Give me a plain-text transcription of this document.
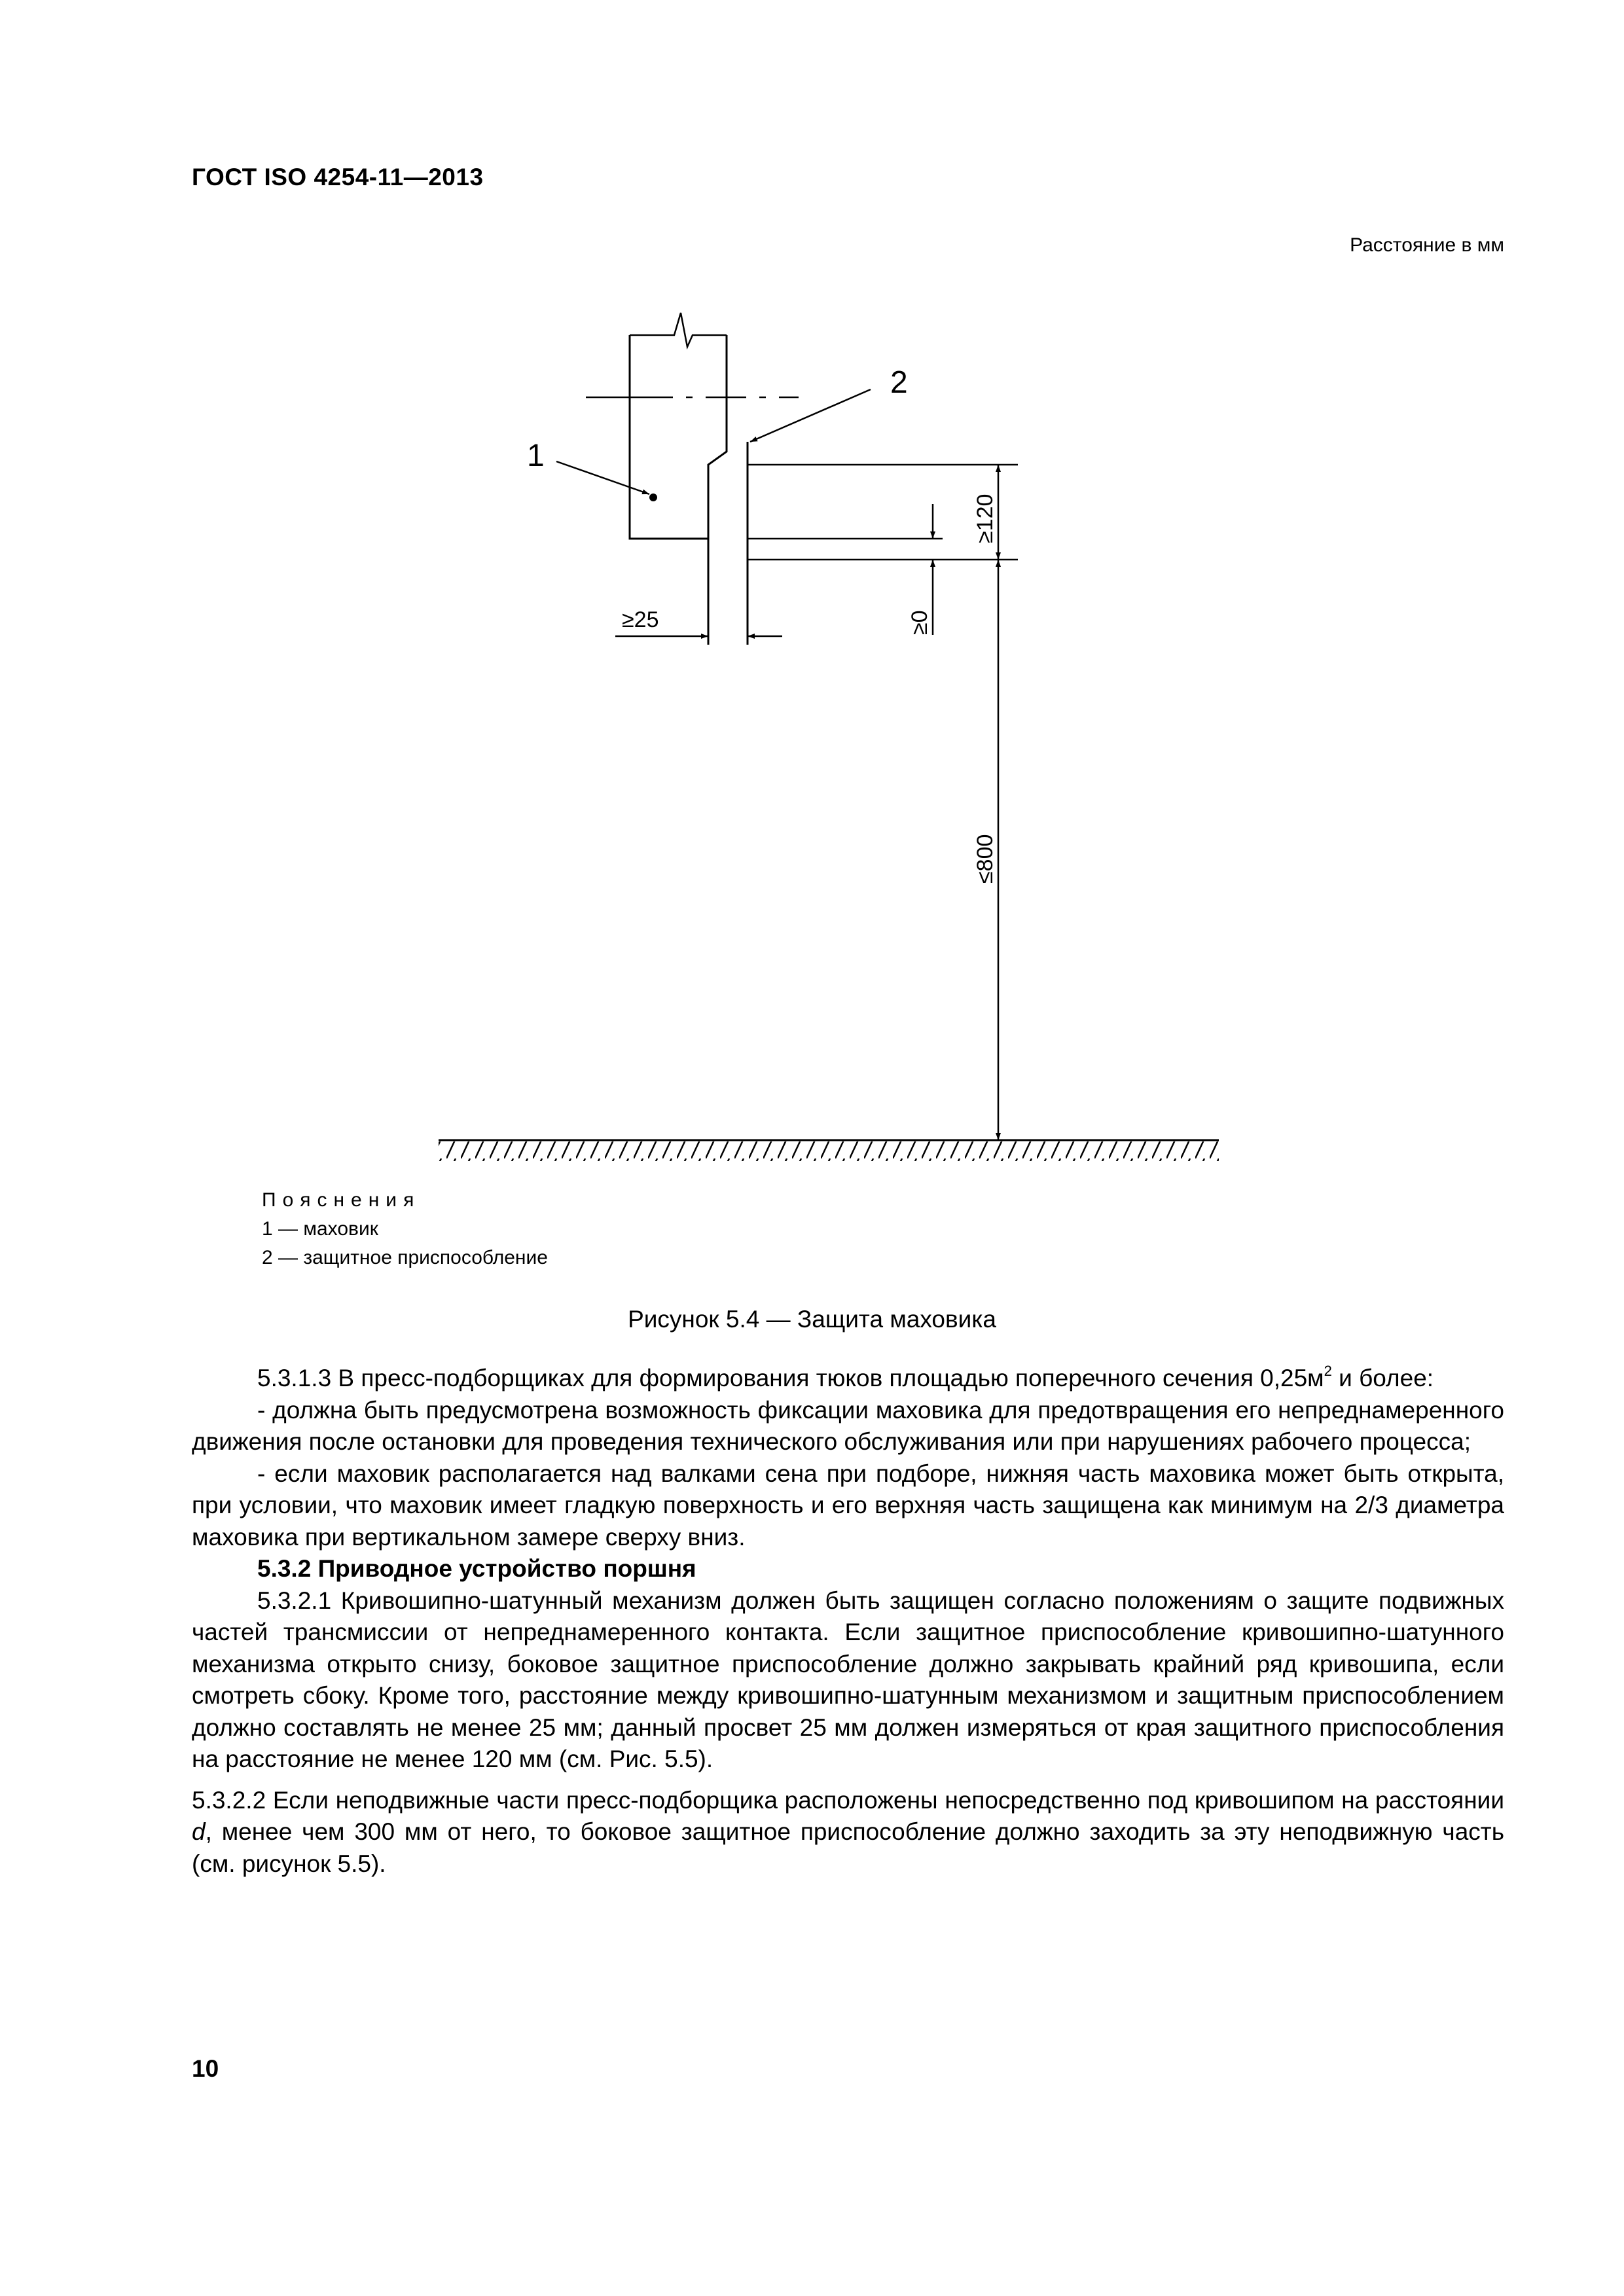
ГОСТ ISO 4254-11—2013
Расстояние в мм
1
2
≥120
≥0
≥25
≤800
Пояснения
1 — маховик
2 — защитное приспособление
Рисунок 5.4 — Защита маховика

5.3.1.3 В пресс-подборщиках для формирования тюков площадью поперечного сечения $0,25м^2$ и более:

- должна быть предусмотрена возможность фиксации маховика для предотвращения его непреднамеренного движения после остановки для проведения технического обслуживания или при нарушениях рабочего процесса;

- если маховик располагается над валками сена при подборе, нижняя часть маховика может быть открыта, при условии, что маховик имеет гладкую поверхность и его верхняя часть защищена как минимум на 2/3 диаметра маховика при вертикальном замере сверху вниз.

5.3.2 Приводное устройство поршня

5.3.2.1 Кривошипно-шатунный механизм должен быть защищен согласно положениям о защите подвижных частей трансмиссии от непреднамеренного контакта. Если защитное приспособление кривошипно-шатунного механизма открыто снизу, боковое защитное приспособление должно закрывать крайний ряд кривошипа, если смотреть сбоку. Кроме того, расстояние между кривошипно-шатунным механизмом и защитным приспособлением должно составлять не менее 25 мм; данный просвет 25 мм должен измеряться от края защитного приспособления на расстояние не менее 120 мм (см. Рис. 5.5).

5.3.2.2 Если неподвижные части пресс-подборщика расположены непосредственно под кривошипом на расстоянии d, менее чем 300 мм от него, то боковое защитное приспособление должно заходить за эту неподвижную часть (см. рисунок 5.5).

10
